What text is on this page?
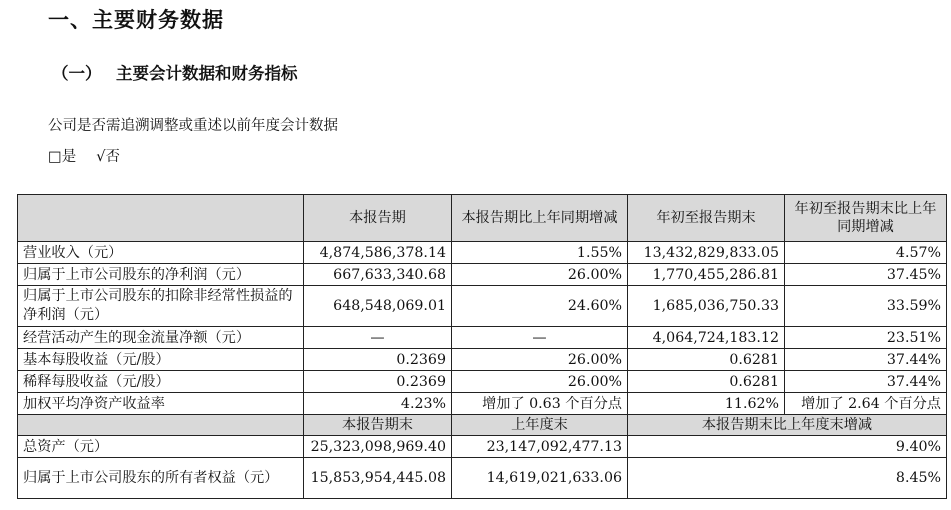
一、主要财务数据
（一） 主要会计数据和财务指标
公司是否需追溯调整或重述以前年度会计数据
□是 √否
	本报告期	本报告期比上年同期增减	年初至报告期末	年初至报告期末比上年同期增减
营业收入（元）	4,874,586,378.14	1.55%	13,432,829,833.05	4.57%
归属于上市公司股东的净利润（元）	667,633,340.68	26.00%	1,770,455,286.81	37.45%
归属于上市公司股东的扣除非经常性损益的净利润（元）	648,548,069.01	24.60%	1,685,036,750.33	33.59%
经营活动产生的现金流量净额（元）	—	—	4,064,724,183.12	23.51%
基本每股收益（元/股）	0.2369	26.00%	0.6281	37.44%
稀释每股收益（元/股）	0.2369	26.00%	0.6281	37.44%
加权平均净资产收益率	4.23%	增加了 0.63 个百分点	11.62%	增加了 2.64 个百分点
	本报告期末	上年度末	本报告期末比上年度末增减	
总资产（元）	25,323,098,969.40	23,147,092,477.13	9.40%	
归属于上市公司股东的所有者权益（元）	15,853,954,445.08	14,619,021,633.06	8.45%	
